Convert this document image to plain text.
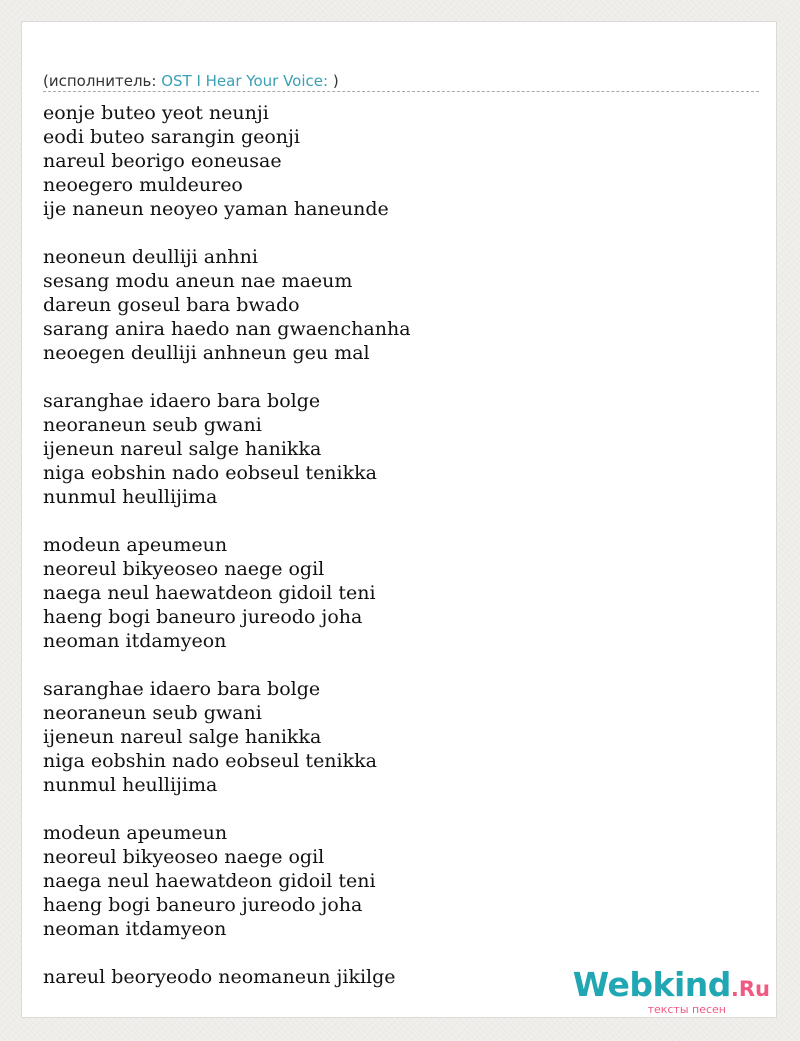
(исполнитель: OST I Hear Your Voice: )
eonje buteo yeot neunji
eodi buteo sarangin geonji
nareul beorigo eoneusae
neoegero muldeureo
ije naneun neoyeo yaman haneunde
neoneun deulliji anhni
sesang modu aneun nae maeum
dareun goseul bara bwado
sarang anira haedo nan gwaenchanha
neoegen deulliji anhneun geu mal
saranghae idaero bara bolge
neoraneun seub gwani
ijeneun nareul salge hanikka
niga eobshin nado eobseul tenikka
nunmul heullijima
modeun apeumeun
neoreul bikyeoseo naege ogil
naega neul haewatdeon gidoil teni
haeng bogi baneuro jureodo joha
neoman itdamyeon
saranghae idaero bara bolge
neoraneun seub gwani
ijeneun nareul salge hanikka
niga eobshin nado eobseul tenikka
nunmul heullijima
modeun apeumeun
neoreul bikyeoseo naege ogil
naega neul haewatdeon gidoil teni
haeng bogi baneuro jureodo joha
neoman itdamyeon
nareul beoryeodo neomaneun jikilge	Webkind.Ru
тексты песен
